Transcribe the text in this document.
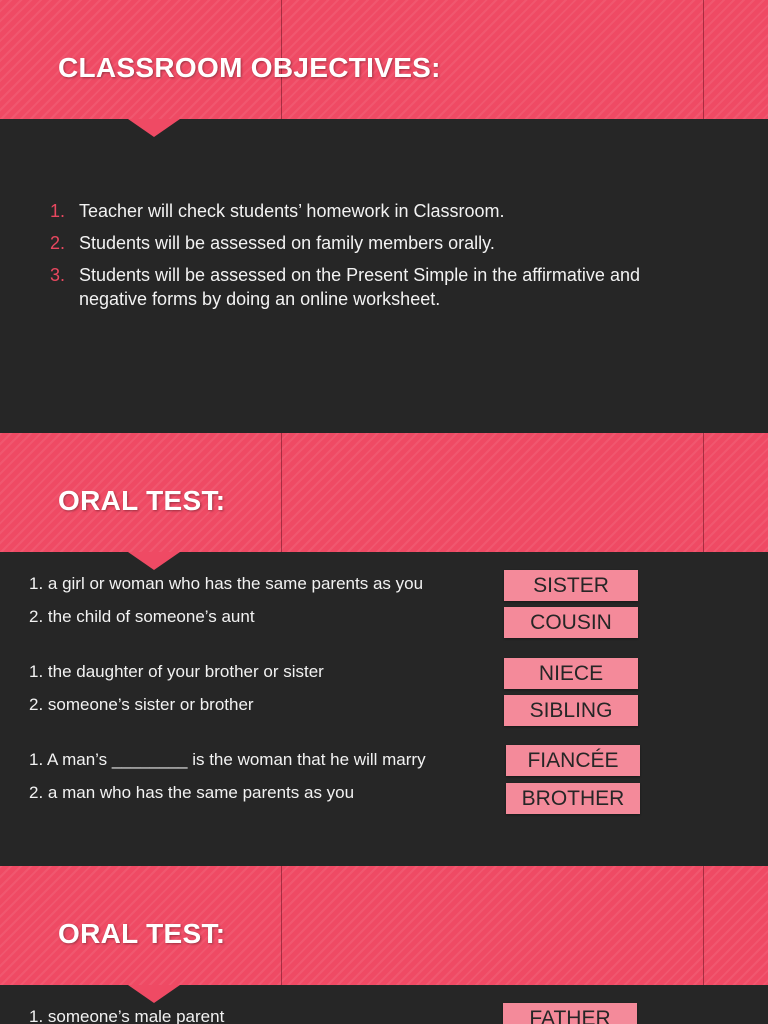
CLASSROOM OBJECTIVES:
1. Teacher will check students’ homework in Classroom.
2. Students will be assessed on family members orally.
3. Students will be assessed on the Present Simple in the affirmative and negative forms by doing an online worksheet.
ORAL TEST:
1. a girl or woman who has the same parents as you
2. the child of someone’s aunt
1. the daughter of your brother or sister
2. someone’s sister or brother
1. A man’s ________ is the woman that he will marry
2. a man who has the same parents as you
SISTER
COUSIN
NIECE
SIBLING
FIANCÉE
BROTHER
ORAL TEST:
1. someone’s male parent	FATHER
